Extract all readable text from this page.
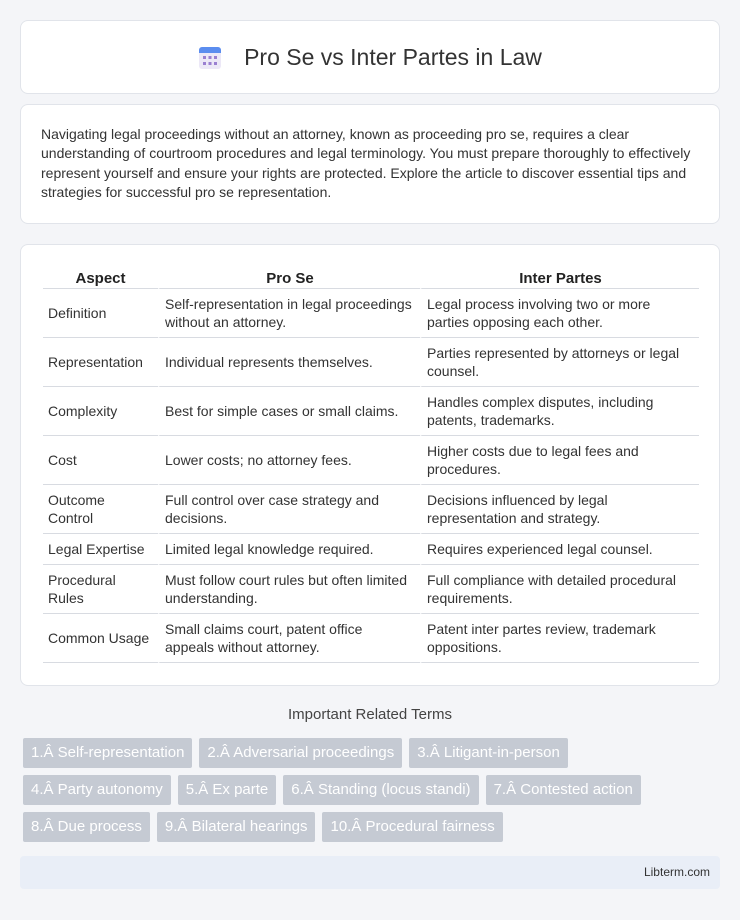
Pro Se vs Inter Partes in Law

Navigating legal proceedings without an attorney, known as proceeding pro se, requires a clear understanding of courtroom procedures and legal terminology. You must prepare thoroughly to effectively represent yourself and ensure your rights are protected. Explore the article to discover essential tips and strategies for successful pro se representation.

Aspect	Pro Se	Inter Partes
Definition	Self-representation in legal proceedings without an attorney.	Legal process involving two or more parties opposing each other.
Representation	Individual represents themselves.	Parties represented by attorneys or legal counsel.
Complexity	Best for simple cases or small claims.	Handles complex disputes, including patents, trademarks.
Cost	Lower costs; no attorney fees.	Higher costs due to legal fees and procedures.
Outcome Control	Full control over case strategy and decisions.	Decisions influenced by legal representation and strategy.
Legal Expertise	Limited legal knowledge required.	Requires experienced legal counsel.
Procedural Rules	Must follow court rules but often limited understanding.	Full compliance with detailed procedural requirements.
Common Usage	Small claims court, patent office appeals without attorney.	Patent inter partes review, trademark oppositions.
Important Related Terms
1.Â Self-representation	2.Â Adversarial proceedings	3.Â Litigant-in-person
4.Â Party autonomy	5.Â Ex parte	6.Â Standing (locus standi)	7.Â Contested action
8.Â Due process	9.Â Bilateral hearings	10.Â Procedural fairness
Libterm.com
